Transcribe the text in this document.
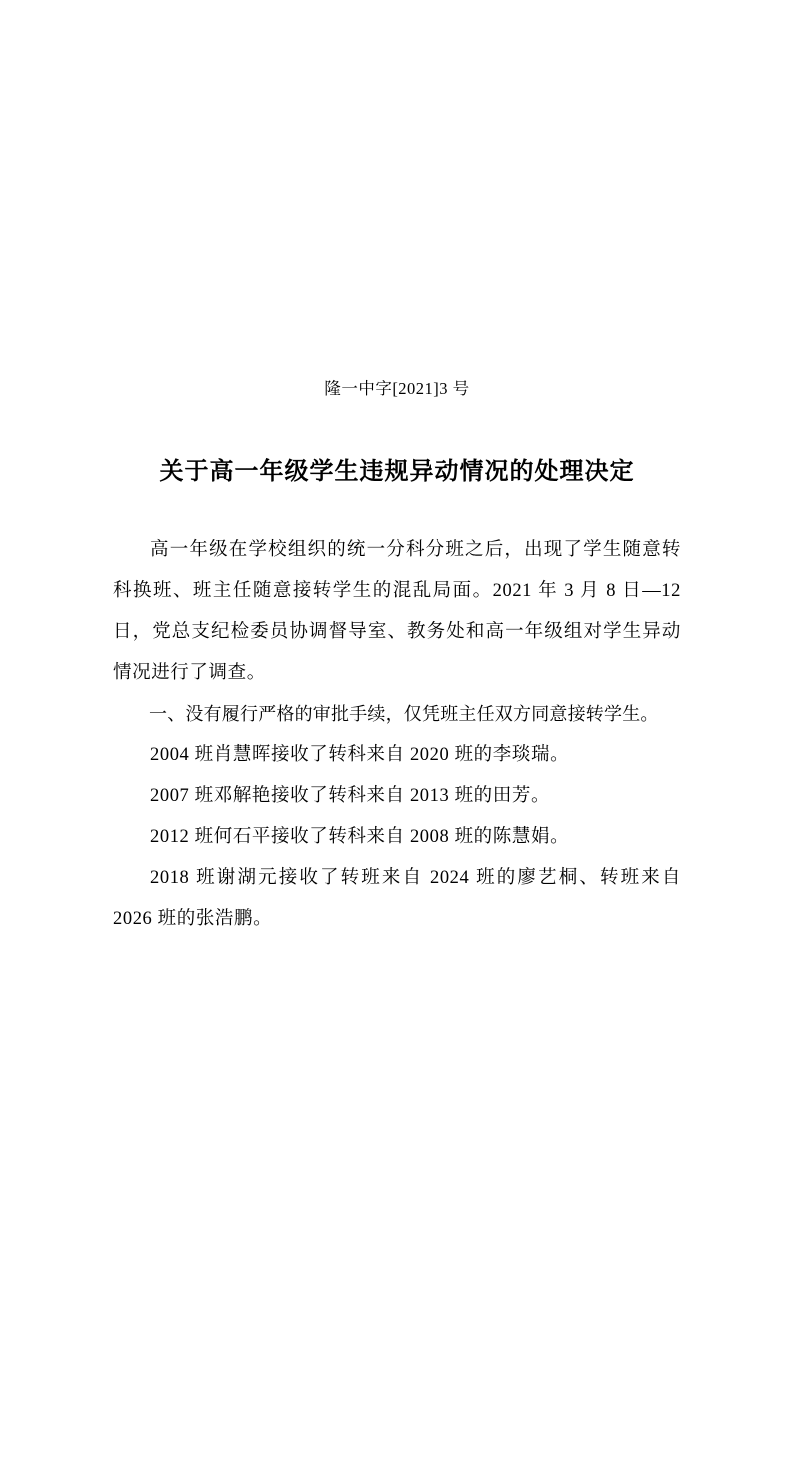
隆一中字[2021]3 号
关于高一年级学生违规异动情况的处理决定

高一年级在学校组织的统一分科分班之后，出现了学生随意转科换班、班主任随意接转学生的混乱局面。2021 年 3 月 8 日—12 日，党总支纪检委员协调督导室、教务处和高一年级组对学生异动情况进行了调查。

一、没有履行严格的审批手续，仅凭班主任双方同意接转学生。

2004 班肖慧晖接收了转科来自 2020 班的李琰瑞。

2007 班邓解艳接收了转科来自 2013 班的田芳。

2012 班何石平接收了转科来自 2008 班的陈慧娟。

2018 班谢湖元接收了转班来自 2024 班的廖艺桐、转班来自 2026 班的张浩鹏。
